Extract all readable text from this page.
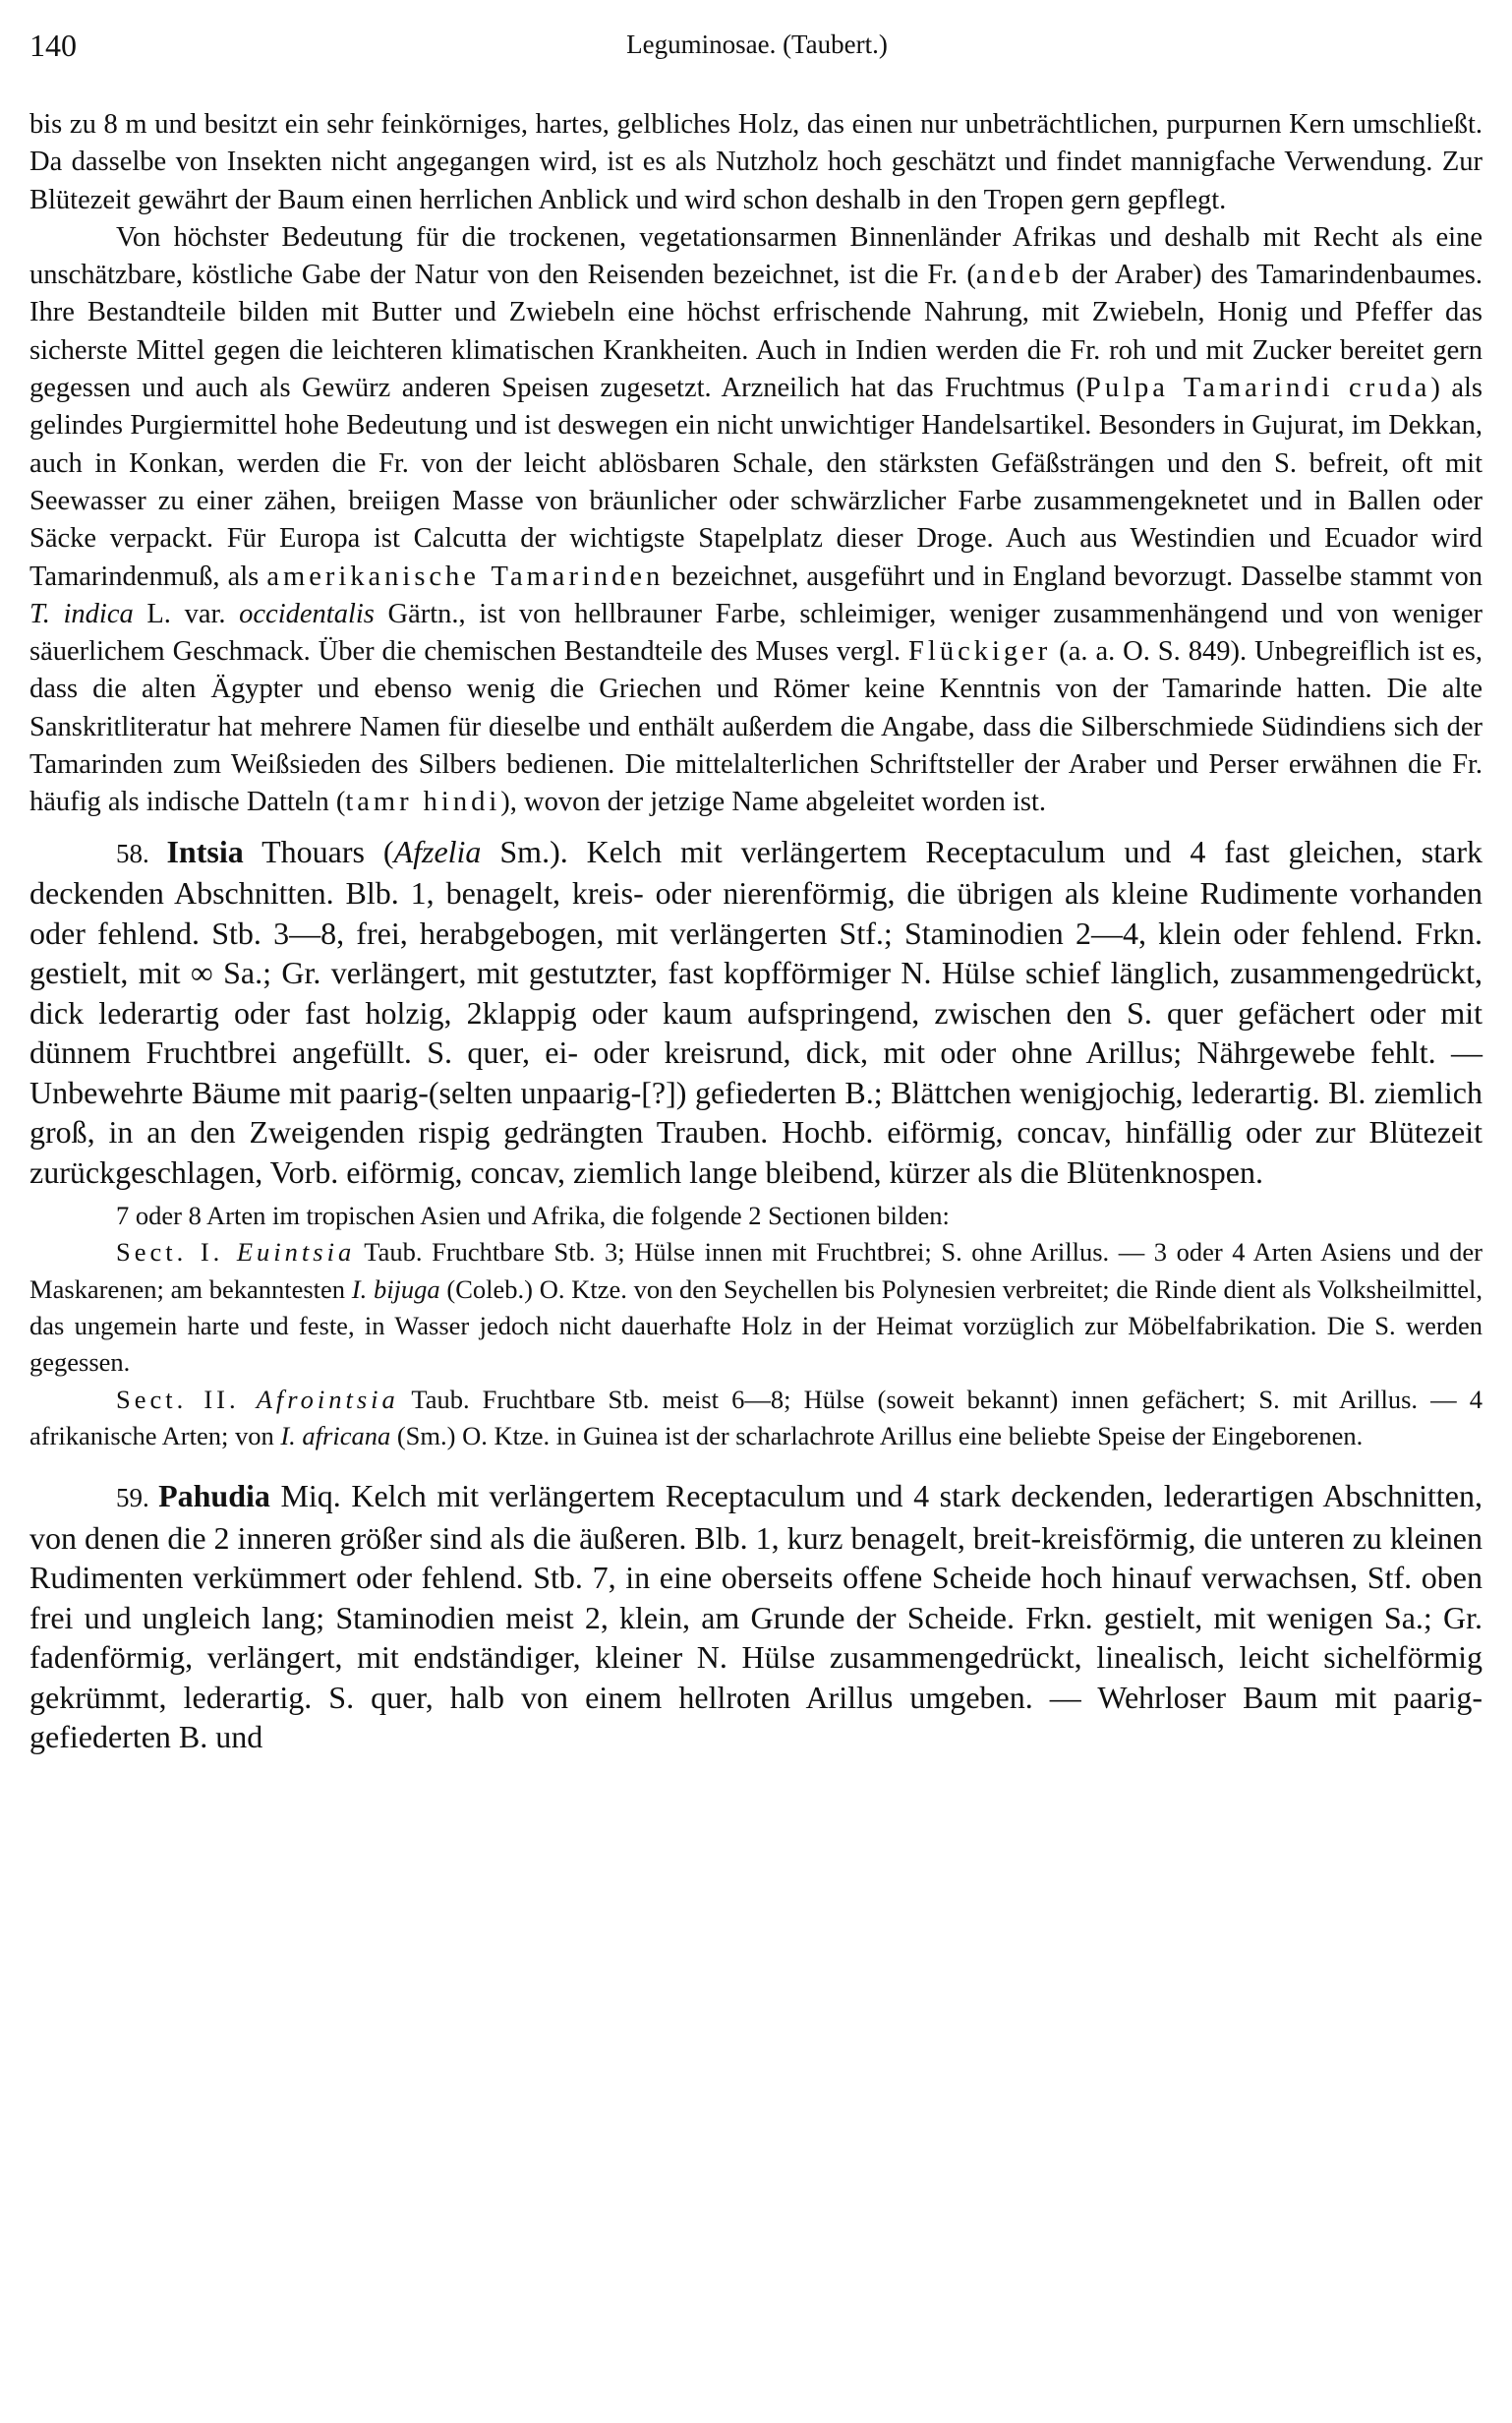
140	Leguminosae. (Taubert.)

bis zu 8 m und besitzt ein sehr feinkörniges, hartes, gelbliches Holz, das einen nur unbeträchtlichen, purpurnen Kern umschließt. Da dasselbe von Insekten nicht angegangen wird, ist es als Nutzholz hoch geschätzt und findet mannigfache Verwendung. Zur Blütezeit gewährt der Baum einen herrlichen Anblick und wird schon deshalb in den Tropen gern gepflegt.

Von höchster Bedeutung für die trockenen, vegetationsarmen Binnenländer Afrikas und deshalb mit Recht als eine unschätzbare, köstliche Gabe der Natur von den Reisenden bezeichnet, ist die Fr. (andeb der Araber) des Tamarindenbaumes. Ihre Bestandteile bilden mit Butter und Zwiebeln eine höchst erfrischende Nahrung, mit Zwiebeln, Honig und Pfeffer das sicherste Mittel gegen die leichteren klimatischen Krankheiten. Auch in Indien werden die Fr. roh und mit Zucker bereitet gern gegessen und auch als Gewürz anderen Speisen zugesetzt. Arzneilich hat das Fruchtmus (Pulpa Tamarindi cruda) als gelindes Purgiermittel hohe Bedeutung und ist deswegen ein nicht unwichtiger Handelsartikel. Besonders in Gujurat, im Dekkan, auch in Konkan, werden die Fr. von der leicht ablösbaren Schale, den stärksten Gefäßsträngen und den S. befreit, oft mit Seewasser zu einer zähen, breiigen Masse von bräunlicher oder schwärzlicher Farbe zusammengeknetet und in Ballen oder Säcke verpackt. Für Europa ist Calcutta der wichtigste Stapelplatz dieser Droge. Auch aus Westindien und Ecuador wird Tamarindenmuß, als amerikanische Tamarinden bezeichnet, ausgeführt und in England bevorzugt. Dasselbe stammt von T. indica L. var. occidentalis Gärtn., ist von hellbrauner Farbe, schleimiger, weniger zusammenhängend und von weniger säuerlichem Geschmack. Über die chemischen Bestandteile des Muses vergl. Flückiger (a. a. O. S. 849). Unbegreiflich ist es, dass die alten Ägypter und ebenso wenig die Griechen und Römer keine Kenntnis von der Tamarinde hatten. Die alte Sanskritliteratur hat mehrere Namen für dieselbe und enthält außerdem die Angabe, dass die Silberschmiede Südindiens sich der Tamarinden zum Weißsieden des Silbers bedienen. Die mittelalterlichen Schriftsteller der Araber und Perser erwähnen die Fr. häufig als indische Datteln (tamr hindi), wovon der jetzige Name abgeleitet worden ist.

58. Intsia Thouars (Afzelia Sm.). Kelch mit verlängertem Receptaculum und 4 fast gleichen, stark deckenden Abschnitten. Blb. 1, benagelt, kreis- oder nierenförmig, die übrigen als kleine Rudimente vorhanden oder fehlend. Stb. 3—8, frei, herabgebogen, mit verlängerten Stf.; Staminodien 2—4, klein oder fehlend. Frkn. gestielt, mit ∞ Sa.; Gr. verlängert, mit gestutzter, fast kopfförmiger N. Hülse schief länglich, zusammengedrückt, dick lederartig oder fast holzig, 2klappig oder kaum aufspringend, zwischen den S. quer gefächert oder mit dünnem Fruchtbrei angefüllt. S. quer, ei- oder kreisrund, dick, mit oder ohne Arillus; Nährgewebe fehlt. — Unbewehrte Bäume mit paarig-(selten unpaarig-[?]) gefiederten B.; Blättchen wenigjochig, lederartig. Bl. ziemlich groß, in an den Zweigenden rispig gedrängten Trauben. Hochb. eiförmig, concav, hinfällig oder zur Blütezeit zurückgeschlagen, Vorb. eiförmig, concav, ziemlich lange bleibend, kürzer als die Blütenknospen.

7 oder 8 Arten im tropischen Asien und Afrika, die folgende 2 Sectionen bilden:

Sect. I. Euintsia Taub. Fruchtbare Stb. 3; Hülse innen mit Fruchtbrei; S. ohne Arillus. — 3 oder 4 Arten Asiens und der Maskarenen; am bekanntesten I. bijuga (Coleb.) O. Ktze. von den Seychellen bis Polynesien verbreitet; die Rinde dient als Volksheilmittel, das ungemein harte und feste, in Wasser jedoch nicht dauerhafte Holz in der Heimat vorzüglich zur Möbelfabrikation. Die S. werden gegessen.

Sect. II. Afrointsia Taub. Fruchtbare Stb. meist 6—8; Hülse (soweit bekannt) innen gefächert; S. mit Arillus. — 4 afrikanische Arten; von I. africana (Sm.) O. Ktze. in Guinea ist der scharlachrote Arillus eine beliebte Speise der Eingeborenen.

59. Pahudia Miq. Kelch mit verlängertem Receptaculum und 4 stark deckenden, lederartigen Abschnitten, von denen die 2 inneren größer sind als die äußeren. Blb. 1, kurz benagelt, breit-kreisförmig, die unteren zu kleinen Rudimenten verkümmert oder fehlend. Stb. 7, in eine oberseits offene Scheide hoch hinauf verwachsen, Stf. oben frei und ungleich lang; Staminodien meist 2, klein, am Grunde der Scheide. Frkn. gestielt, mit wenigen Sa.; Gr. fadenförmig, verlängert, mit endständiger, kleiner N. Hülse zusammengedrückt, linealisch, leicht sichelförmig gekrümmt, lederartig. S. quer, halb von einem hellroten Arillus umgeben. — Wehrloser Baum mit paarig-gefiederten B. und
